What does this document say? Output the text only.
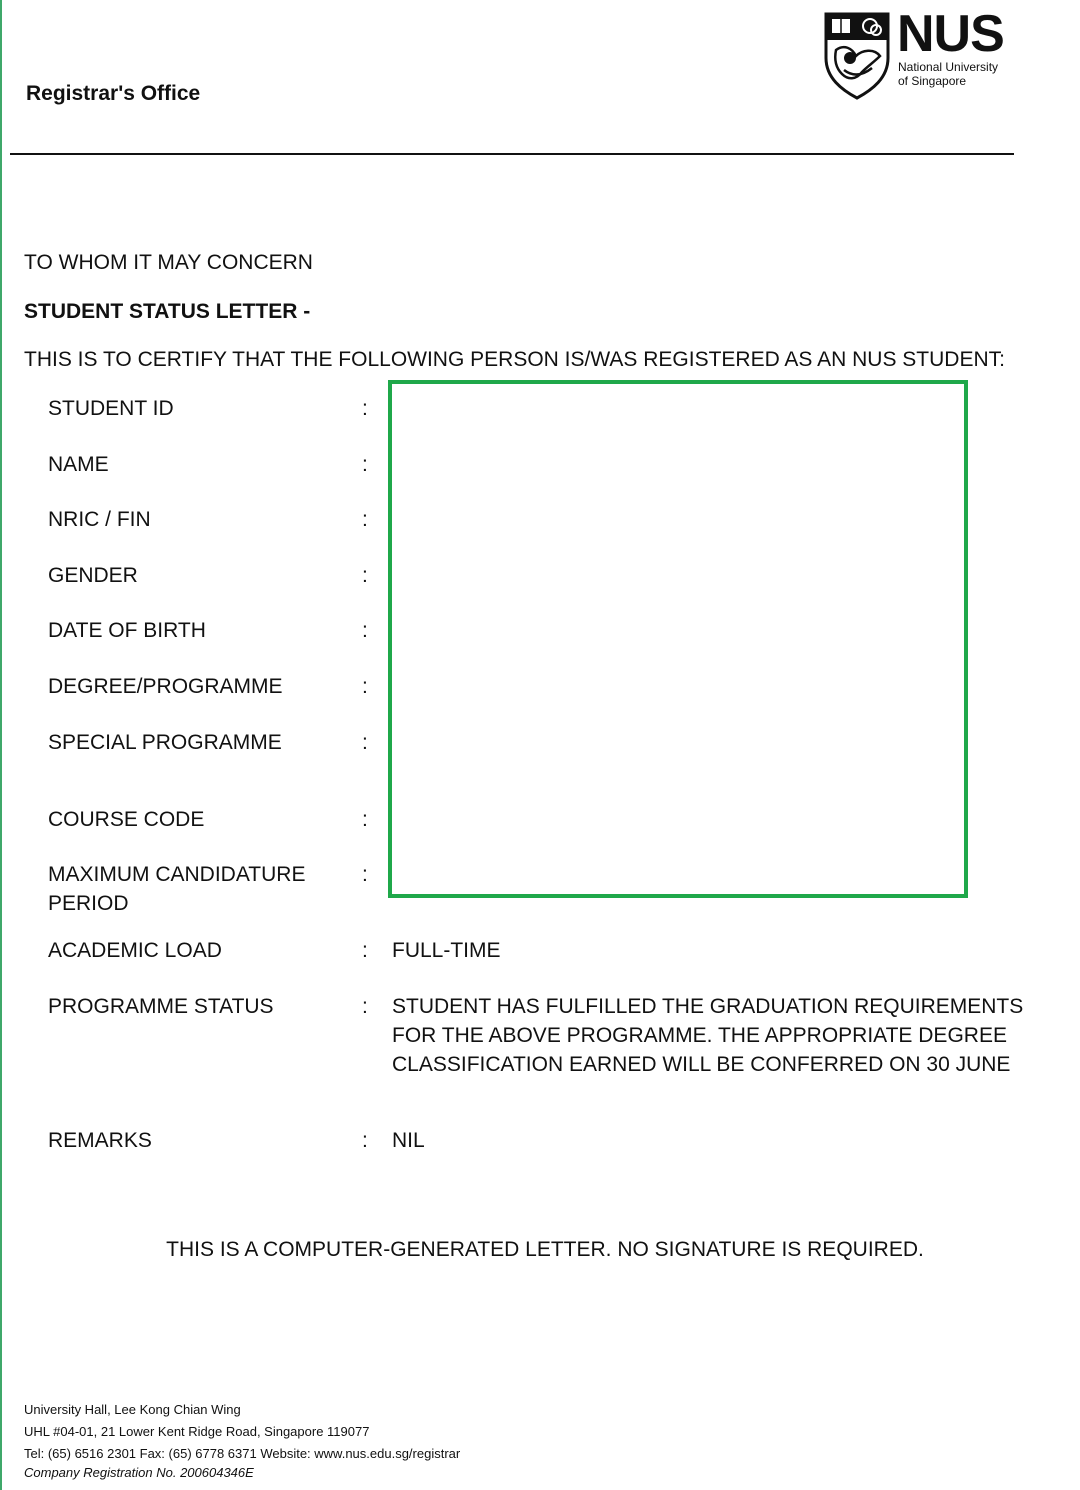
Registrar's Office
NUS
National University
of Singapore
TO WHOM IT MAY CONCERN
STUDENT STATUS LETTER -
THIS IS TO CERTIFY THAT THE FOLLOWING PERSON IS/WAS REGISTERED AS AN NUS STUDENT:
STUDENT ID	:
NAME	:
NRIC / FIN	:
GENDER	:
DATE OF BIRTH	:
DEGREE/PROGRAMME	:
SPECIAL PROGRAMME	:
COURSE CODE	:
MAXIMUM CANDIDATURE
PERIOD
:
ACADEMIC LOAD	: FULL-TIME
PROGRAMME STATUS	: STUDENT HAS FULFILLED THE GRADUATION REQUIREMENTS
FOR THE ABOVE PROGRAMME. THE APPROPRIATE DEGREE
CLASSIFICATION EARNED WILL BE CONFERRED ON 30 JUNE
REMARKS	: NIL
THIS IS A COMPUTER-GENERATED LETTER. NO SIGNATURE IS REQUIRED.
University Hall, Lee Kong Chian Wing
UHL #04-01, 21 Lower Kent Ridge Road, Singapore 119077
Tel: (65) 6516 2301 Fax: (65) 6778 6371 Website: www.nus.edu.sg/registrar
Company Registration No. 200604346E
